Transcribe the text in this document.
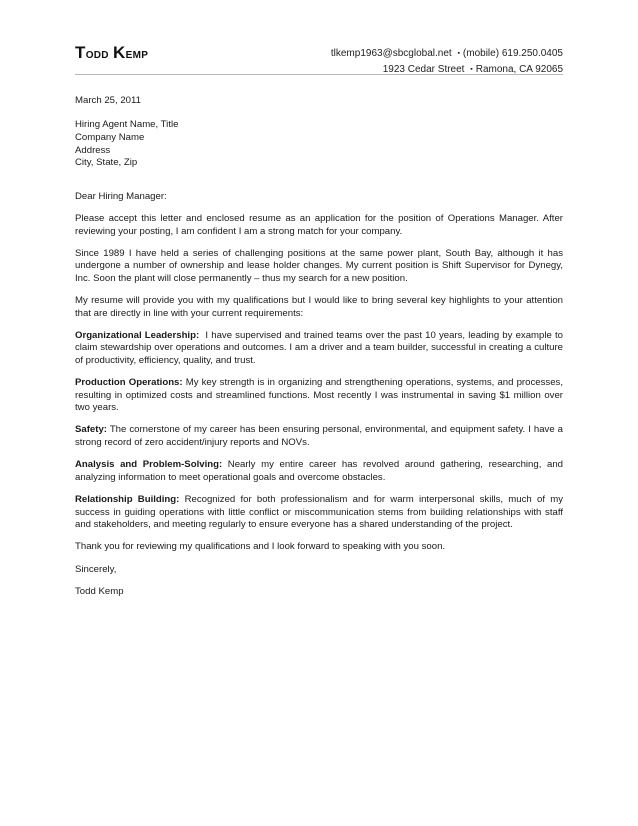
Todd Kemp	tlkemp1963@sbcglobal.net ▪ (mobile) 619.250.0405
1923 Cedar Street ▪ Ramona, CA 92065

March 25, 2011

Hiring Agent Name, Title
Company Name
Address
City, State, Zip

Dear Hiring Manager:

Please accept this letter and enclosed resume as an application for the position of Operations Manager. After reviewing your posting, I am confident I am a strong match for your company.

Since 1989 I have held a series of challenging positions at the same power plant, South Bay, although it has undergone a number of ownership and lease holder changes. My current position is Shift Supervisor for Dynegy, Inc. Soon the plant will close permanently – thus my search for a new position.

My resume will provide you with my qualifications but I would like to bring several key highlights to your attention that are directly in line with your current requirements:

Organizational Leadership:  I have supervised and trained teams over the past 10 years, leading by example to claim stewardship over operations and outcomes. I am a driver and a team builder, successful in creating a culture of productivity, efficiency, quality, and trust.

Production Operations: My key strength is in organizing and strengthening operations, systems, and processes, resulting in optimized costs and streamlined functions. Most recently I was instrumental in saving $1 million over two years.

Safety: The cornerstone of my career has been ensuring personal, environmental, and equipment safety. I have a strong record of zero accident/injury reports and NOVs.

Analysis and Problem-Solving: Nearly my entire career has revolved around gathering, researching, and analyzing information to meet operational goals and overcome obstacles.

Relationship Building: Recognized for both professionalism and for warm interpersonal skills, much of my success in guiding operations with little conflict or miscommunication stems from building relationships with staff and stakeholders, and meeting regularly to ensure everyone has a shared understanding of the project.

Thank you for reviewing my qualifications and I look forward to speaking with you soon.

Sincerely,

Todd Kemp
